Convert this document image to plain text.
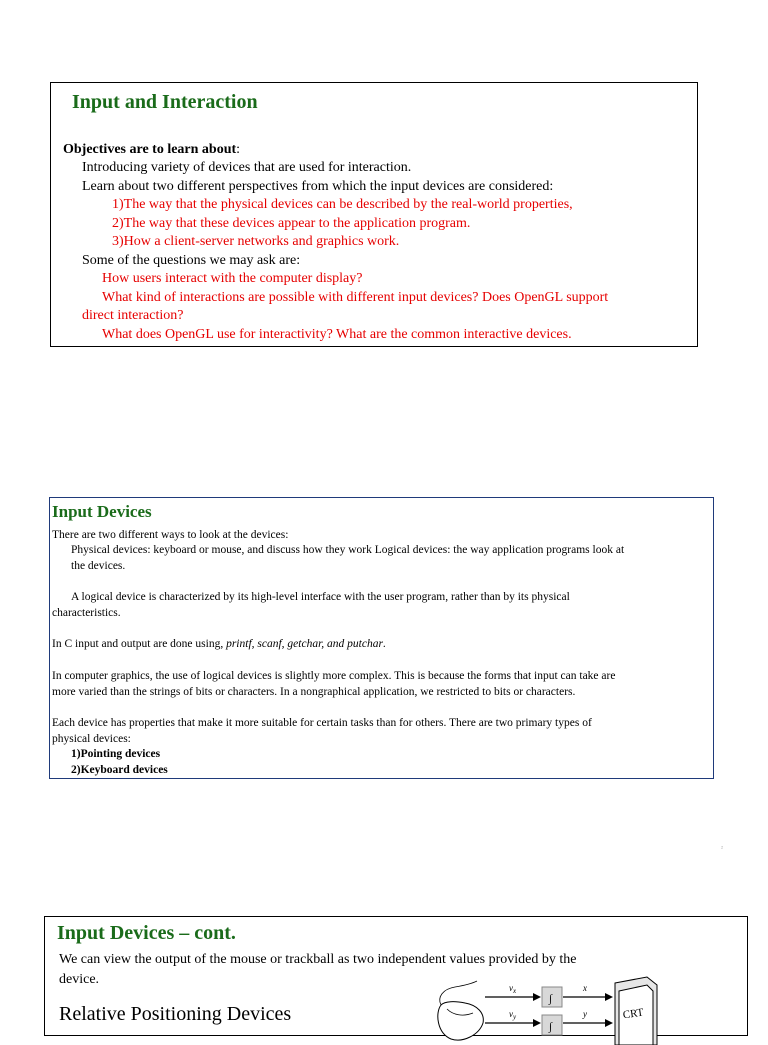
Input and Interaction
Objectives are to learn about:
Introducing variety of devices that are used for interaction.
Learn about two different perspectives from which the input devices are considered:
1)The way that the physical devices can be described by the real-world properties,
2)The way that these devices appear to the application program.
3)How a client-server networks and graphics work.
Some of the questions we may ask are:
How users interact with the computer display?
What kind of interactions are possible with different input devices? Does OpenGL support
direct interaction?
What does OpenGL use for interactivity? What are the common interactive devices.
Input Devices
There are two different ways to look at the devices:
Physical devices: keyboard or mouse, and discuss how they work Logical devices: the way application programs look at
the devices.
A logical device is characterized by its high-level interface with the user program, rather than by its physical
characteristics.
In C input and output are done using, printf, scanf, getchar, and putchar.
In computer graphics, the use of logical devices is slightly more complex. This is because the forms that input can take are
more varied than the strings of bits or characters. In a nongraphical application, we restricted to bits or characters.
Each device has properties that make it more suitable for certain tasks than for others. There are two primary types of
physical devices:
1)Pointing devices
2)Keyboard devices
²
Input Devices – cont.
We can view the output of the mouse or trackball as two independent values provided by the
device.
Relative Positioning Devices
$v_x$
$v_y$
∫
∫
x
y	CRT
